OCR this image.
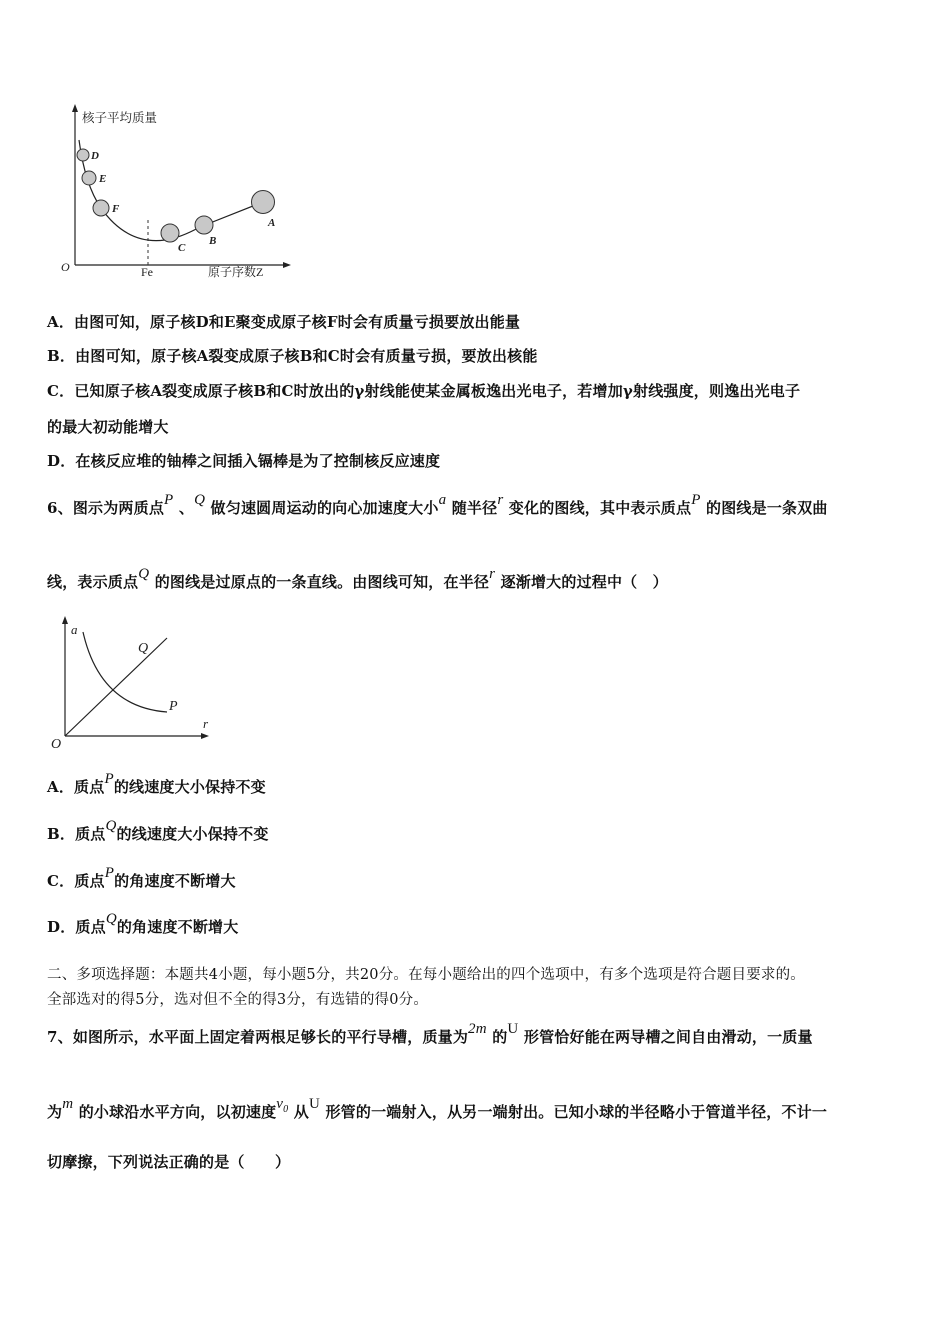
核子平均质量
O	Fe	原子序数Z
D
E
F
C
B
A
A．由图可知，原子核D和E聚变成原子核F时会有质量亏损要放出能量
B．由图可知，原子核A裂变成原子核B和C时会有质量亏损，要放出核能
C．已知原子核A裂变成原子核B和C时放出的γ射线能使某金属板逸出光电子，若增加γ射线强度，则逸出光电子
的最大初动能增大
D．在核反应堆的铀棒之间插入镉棒是为了控制核反应速度
6、图示为两质点P 、Q 做匀速圆周运动的向心加速度大小a 随半径r 变化的图线，其中表示质点P 的图线是一条双曲
线，表示质点Q 的图线是过原点的一条直线。由图线可知，在半径r 逐渐增大的过程中（　）
a
r
O
Q
P
A．质点P的线速度大小保持不变
B．质点Q的线速度大小保持不变
C．质点P的角速度不断增大
D．质点Q的角速度不断增大
二、多项选择题：本题共4小题，每小题5分，共20分。在每小题给出的四个选项中，有多个选项是符合题目要求的。
全部选对的得5分，选对但不全的得3分，有选错的得0分。
7、如图所示，水平面上固定着两根足够长的平行导槽，质量为2m 的U 形管恰好能在两导槽之间自由滑动，一质量
为m 的小球沿水平方向，以初速度$v_0$ 从U 形管的一端射入，从另一端射出。已知小球的半径略小于管道半径，不计一
切摩擦，下列说法正确的是（　　）
